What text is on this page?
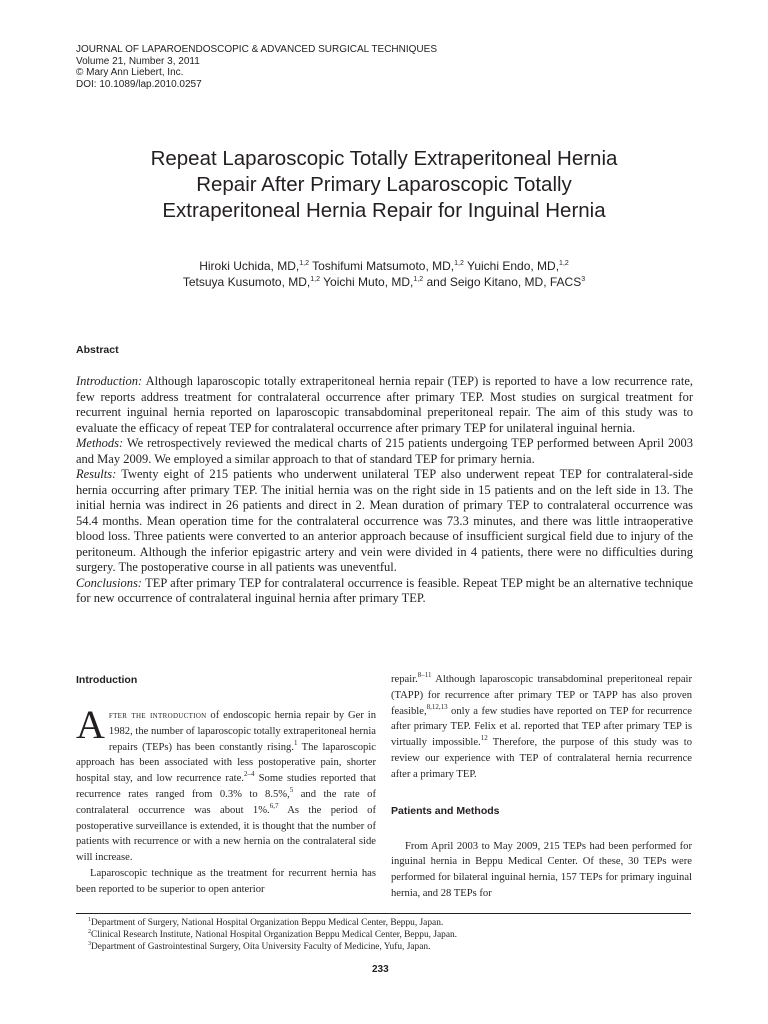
JOURNAL OF LAPAROENDOSCOPIC & ADVANCED SURGICAL TECHNIQUES
Volume 21, Number 3, 2011
© Mary Ann Liebert, Inc.
DOI: 10.1089/lap.2010.0257
Repeat Laparoscopic Totally Extraperitoneal Hernia
Repair After Primary Laparoscopic Totally
Extraperitoneal Hernia Repair for Inguinal Hernia
Hiroki Uchida, MD,$^{1,2}$ Toshifumi Matsumoto, MD,$^{1,2}$ Yuichi Endo, MD,$^{1,2}$
Tetsuya Kusumoto, MD,$^{1,2}$ Yoichi Muto, MD,$^{1,2}$ and Seigo Kitano, MD, FACS$^3$
Abstract

Introduction: Although laparoscopic totally extraperitoneal hernia repair (TEP) is reported to have a low recurrence rate, few reports address treatment for contralateral occurrence after primary TEP. Most studies on surgical treatment for recurrent inguinal hernia reported on laparoscopic transabdominal preperitoneal repair. The aim of this study was to evaluate the efficacy of repeat TEP for contralateral occurrence after primary TEP for unilateral inguinal hernia.

Methods: We retrospectively reviewed the medical charts of 215 patients undergoing TEP performed between April 2003 and May 2009. We employed a similar approach to that of standard TEP for primary hernia.

Results: Twenty eight of 215 patients who underwent unilateral TEP also underwent repeat TEP for contralateral-side hernia occurring after primary TEP. The initial hernia was on the right side in 15 patients and on the left side in 13. The initial hernia was indirect in 26 patients and direct in 2. Mean duration of primary TEP to contralateral occurrence was 54.4 months. Mean operation time for the contralateral occurrence was 73.3 minutes, and there was little intraoperative blood loss. Three patients were converted to an anterior approach because of insufficient surgical field due to injury of the peritoneum. Although the inferior epigastric artery and vein were divided in 4 patients, there were no difficulties during surgery. The postoperative course in all patients was uneventful.

Conclusions: TEP after primary TEP for contralateral occurrence is feasible. Repeat TEP might be an alternative technique for new occurrence of contralateral inguinal hernia after primary TEP.

Introduction

After the introduction of endoscopic hernia repair by Ger in 1982, the number of laparoscopic totally extraperitoneal hernia repairs (TEPs) has been constantly rising.$^1$ The laparoscopic approach has been associated with less postoperative pain, shorter hospital stay, and low recurrence rate.$^{2-4}$ Some studies reported that recurrence rates ranged from 0.3% to 8.5%,$^5$ and the rate of contralateral occurrence was about 1%.$^{6,7}$ As the period of postoperative surveillance is extended, it is thought that the number of patients with recurrence or with a new hernia on the contralateral side will increase.

Laparoscopic technique as the treatment for recurrent hernia has been reported to be superior to open anterior

repair.$^{8-11}$ Although laparoscopic transabdominal preperitoneal repair (TAPP) for recurrence after primary TEP or TAPP has also proven feasible,$^{8,12,13}$ only a few studies have reported on TEP for recurrence after primary TEP. Felix et al. reported that TEP after primary TEP is virtually impossible.$^{12}$ Therefore, the purpose of this study was to review our experience with TEP of contralateral hernia recurrence after a primary TEP.

Patients and Methods

From April 2003 to May 2009, 215 TEPs had been performed for inguinal hernia in Beppu Medical Center. Of these, 30 TEPs were performed for bilateral inguinal hernia, 157 TEPs for primary inguinal hernia, and 28 TEPs for

$^1$Department of Surgery, National Hospital Organization Beppu Medical Center, Beppu, Japan.
$^2$Clinical Research Institute, National Hospital Organization Beppu Medical Center, Beppu, Japan.
$^3$Department of Gastrointestinal Surgery, Oita University Faculty of Medicine, Yufu, Japan.
233
